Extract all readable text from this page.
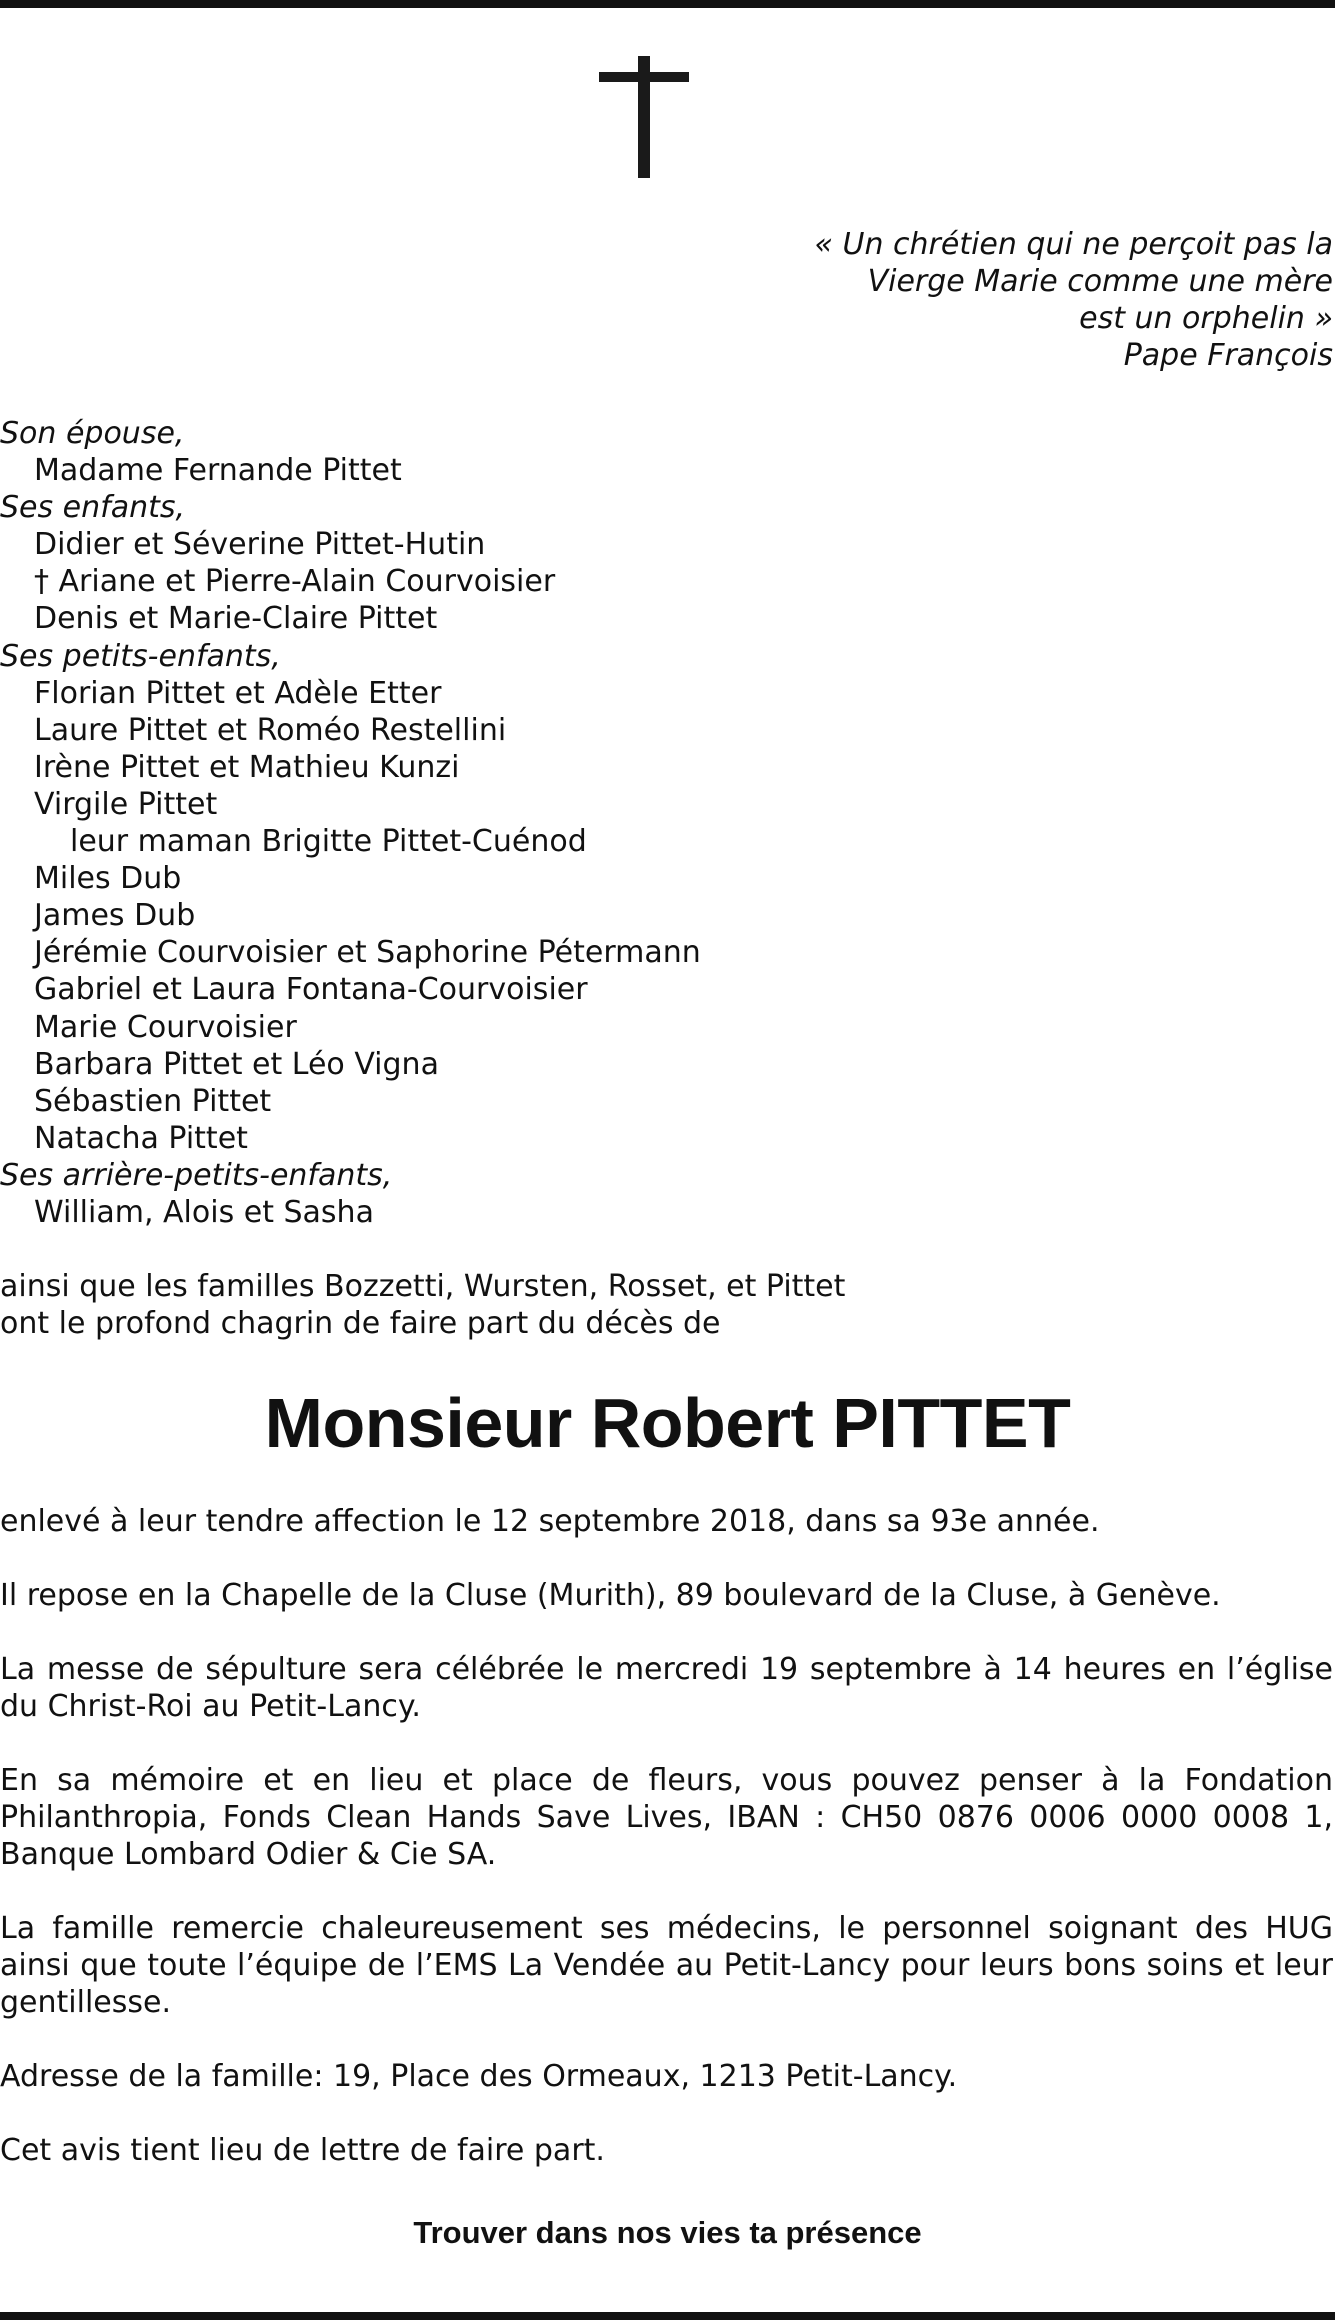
« Un chrétien qui ne perçoit pas la
Vierge Marie comme une mère
est un orphelin »
Pape François
Son épouse,
Madame Fernande Pittet
Ses enfants,
Didier et Séverine Pittet-Hutin
† Ariane et Pierre-Alain Courvoisier
Denis et Marie-Claire Pittet
Ses petits-enfants,
Florian Pittet et Adèle Etter
Laure Pittet et Roméo Restellini
Irène Pittet et Mathieu Kunzi
Virgile Pittet
leur maman Brigitte Pittet-Cuénod
Miles Dub
James Dub
Jérémie Courvoisier et Saphorine Pétermann
Gabriel et Laura Fontana-Courvoisier
Marie Courvoisier
Barbara Pittet et Léo Vigna
Sébastien Pittet
Natacha Pittet
Ses arrière-petits-enfants,
William, Alois et Sasha
ainsi que les familles Bozzetti, Wursten, Rosset, et Pittet
ont le profond chagrin de faire part du décès de
Monsieur Robert PITTET

enlevé à leur tendre affection le 12 septembre 2018, dans sa 93e année.

Il repose en la Chapelle de la Cluse (Murith), 89 boulevard de la Cluse, à Genève.

La messe de sépulture sera célébrée le mercredi 19 septembre à 14 heures en l’église du Christ-Roi au Petit-Lancy.

En sa mémoire et en lieu et place de fleurs, vous pouvez penser à la Fondation Philanthropia, Fonds Clean Hands Save Lives, IBAN : CH50 0876 0006 0000 0008 1, Banque Lombard Odier & Cie SA.

La famille remercie chaleureusement ses médecins, le personnel soignant des HUG ainsi que toute l’équipe de l’EMS La Vendée au Petit-Lancy pour leurs bons soins et leur gentillesse.

Adresse de la famille: 19, Place des Ormeaux, 1213 Petit-Lancy.

Cet avis tient lieu de lettre de faire part.

Trouver dans nos vies ta présence
